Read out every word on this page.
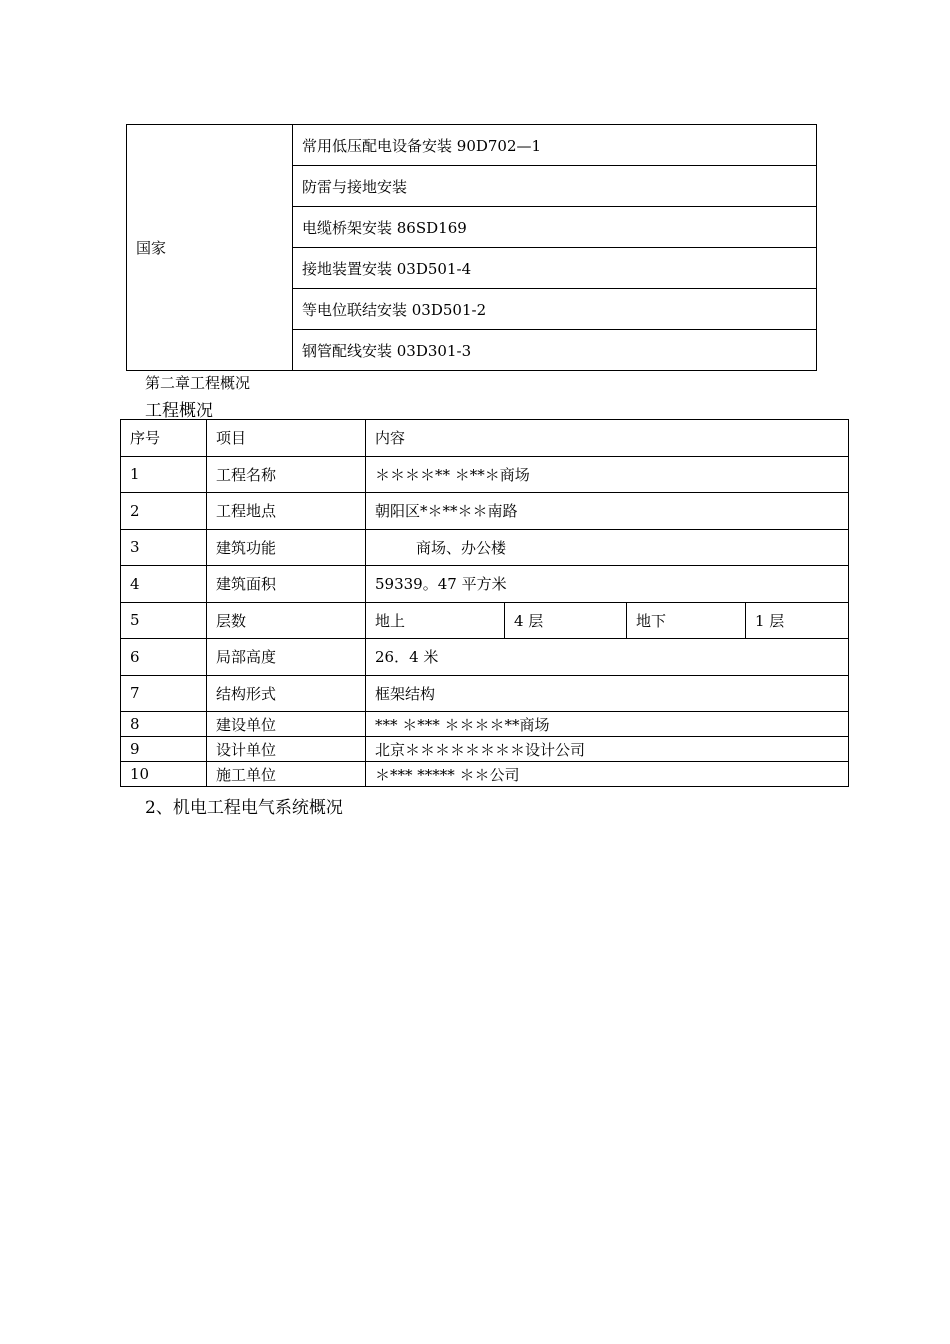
国家	常用低压配电设备安装 90D702—1
防雷与接地安装
电缆桥架安装 86SD169
接地装置安装 03D501-4
等电位联结安装 03D501-2
钢管配线安装 03D301-3
第二章工程概况
工程概况
序号	项目	内容			
1	工程名称	＊＊＊＊** ＊**＊商场			
2	工程地点	朝阳区*＊**＊＊南路			
3	建筑功能	商场、办公楼			
4	建筑面积	59339。47 平方米			
5	层数	地上	4 层	地下	1 层
6	局部高度	26．4 米			
7	结构形式	框架结构			
8	建设单位	*** ＊*** ＊＊＊＊**商场			
9	设计单位	北京＊＊＊＊＊＊＊＊设计公司			
10	施工单位	＊*** ***** ＊＊公司			
2、机电工程电气系统概况
